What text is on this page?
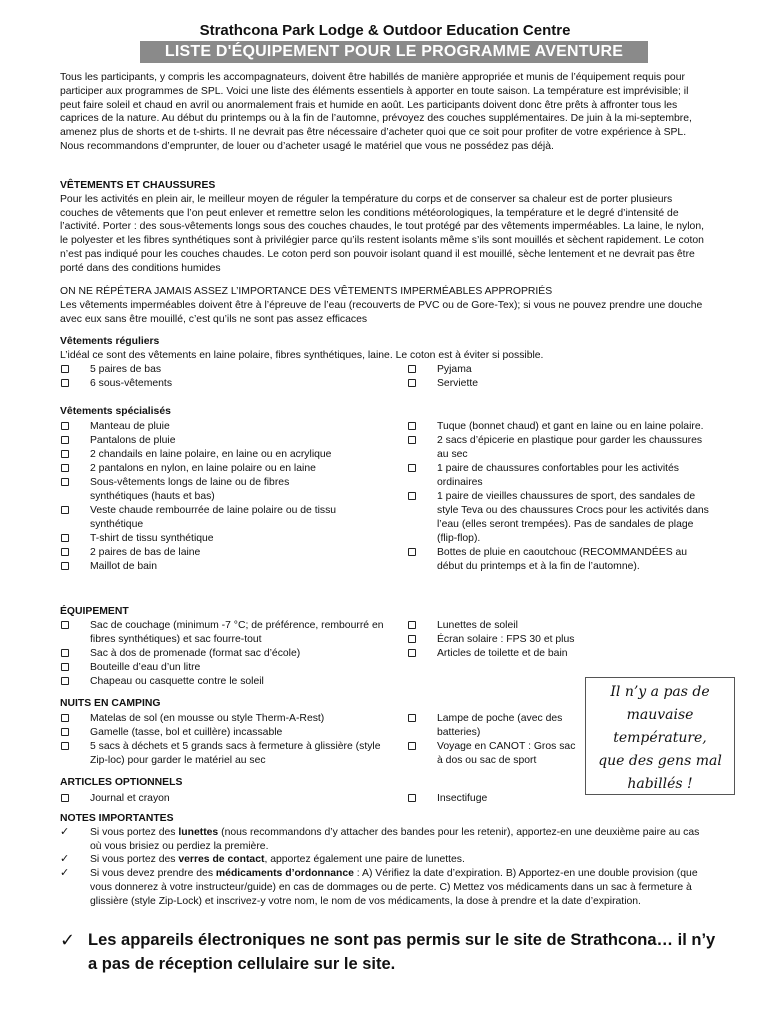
Strathcona Park Lodge & Outdoor Education Centre
LISTE D'ÉQUIPEMENT POUR LE PROGRAMME AVENTURE
Tous les participants, y compris les accompagnateurs, doivent être habillés de manière appropriée et munis de l’équipement requis pour participer aux programmes de SPL. Voici une liste des éléments essentiels à apporter en toute saison. La température est imprévisible; il peut faire soleil et chaud en avril ou anormalement frais et humide en août. Les participants doivent donc être prêts à affronter tous les caprices de la nature. Au début du printemps ou à la fin de l’automne, prévoyez des couches supplémentaires. De juin à la mi-septembre, amenez plus de shorts et de t-shirts. Il ne devrait pas être nécessaire d’acheter quoi que ce soit pour profiter de votre expérience à SPL. Nous recommandons d’emprunter, de louer ou d’acheter usagé le matériel que vous ne possédez pas déjà.
VÊTEMENTS ET CHAUSSURES
Pour les activités en plein air, le meilleur moyen de réguler la température du corps et de conserver sa chaleur est de porter plusieurs couches de vêtements que l’on peut enlever et remettre selon les conditions météorologiques, la température et le degré d’intensité de l’activité. Porter : des sous-vêtements longs sous des couches chaudes, le tout protégé par des vêtements imperméables. La laine, le nylon, le polyester et les fibres synthétiques sont à privilégier parce qu’ils restent isolants même s’ils sont mouillés et sèchent rapidement. Le coton n’est pas indiqué pour les couches chaudes. Le coton perd son pouvoir isolant quand il est mouillé, sèche lentement et ne devrait pas être porté dans des conditions humides
ON NE RÉPÉTERA JAMAIS ASSEZ L’IMPORTANCE DES VÊTEMENTS IMPERMÉABLES APPROPRIÉS
Les vêtements imperméables doivent être à l’épreuve de l’eau (recouverts de PVC ou de Gore-Tex); si vous ne pouvez prendre une douche avec eux sans être mouillé, c’est qu’ils ne sont pas assez efficaces
Vêtements réguliers
L’idéal ce sont des vêtements en laine polaire, fibres synthétiques, laine. Le coton est à éviter si possible.
5 paires de bas
6 sous-vêtements
Pyjama
Serviette
Vêtements spécialisés
Manteau de pluie
Pantalons de pluie
2 chandails en laine polaire, en laine ou en acrylique
2 pantalons en nylon, en laine polaire ou en laine
Sous-vêtements longs de laine ou de fibres synthétiques (hauts et bas)
Veste chaude rembourrée de laine polaire ou de tissu synthétique
T-shirt de tissu synthétique
2 paires de bas de laine
Maillot de bain
Tuque (bonnet chaud) et gant en laine ou en laine polaire.
2 sacs d’épicerie en plastique pour garder les chaussures au sec
1 paire de chaussures confortables pour les activités ordinaires
1 paire de vieilles chaussures de sport, des sandales de style Teva ou des chaussures Crocs pour les activités dans l’eau (elles seront trempées). Pas de sandales de plage (flip-flop).
Bottes de pluie en caoutchouc (RECOMMANDÉES au début du printemps et à la fin de l’automne).
ÉQUIPEMENT
Sac de couchage (minimum -7 °C; de préférence, rembourré en fibres synthétiques) et sac fourre-tout
Sac à dos de promenade (format sac d’école)
Bouteille d’eau d’un litre
Chapeau ou casquette contre le soleil
Lunettes de soleil
Écran solaire : FPS 30 et plus
Articles de toilette et de bain
NUITS EN CAMPING
Matelas de sol (en mousse ou style Therm-A-Rest)
Gamelle (tasse, bol et cuillère) incassable
5 sacs à déchets et 5 grands sacs à fermeture à glissière (style Zip-loc) pour garder le matériel au sec
Lampe de poche (avec des batteries)
Voyage en CANOT : Gros sac à dos ou sac de sport
ARTICLES OPTIONNELS
Journal et crayon	Insectifuge
NOTES IMPORTANTES
✓ Si vous portez des lunettes (nous recommandons d’y attacher des bandes pour les retenir), apportez-en une deuxième paire au cas où vous brisiez ou perdiez la première.
✓ Si vous portez des verres de contact, apportez également une paire de lunettes.
✓ Si vous devez prendre des médicaments d’ordonnance : A) Vérifiez la date d’expiration. B) Apportez-en une double provision (que vous donnerez à votre instructeur/guide) en cas de dommages ou de perte. C) Mettez vos médicaments dans un sac à fermeture à glissière (style Zip-Lock) et inscrivez-y votre nom, le nom de vos médicaments, la dose à prendre et la date d’expiration.
✓ Les appareils électroniques ne sont pas permis sur le site de Strathcona… il n’y a pas de réception cellulaire sur le site.
Il n’y a pas de
mauvaise
température,
que des gens mal
habillés !
